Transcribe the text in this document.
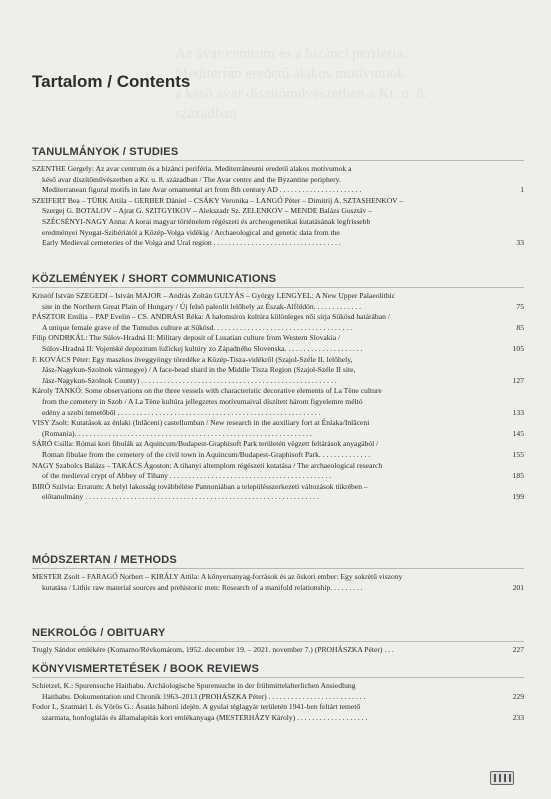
Az avar centrum és a bizánci periféria.
Mediterrán eredetű alakos motívumok
a késő avar díszítőművészetben a Kr. u. 8.
században
Tartalom / Contents
TANULMÁNYOK / STUDIES
SZENTHE Gergely: Az avar centrum és a bizánci periféria. Mediterráneumi eredetű alakos motívumok a
késő avar díszítőművészetben a Kr. u. 8. században / The Avar centre and the Byzantine periphery.
Mediterranean figural motifs in late Avar ornamental art from 8th century AD . . . . . . . . . . . . . . . . . . . . . .	1
SZEIFERT Bea – TÜRK Attila – GERBER Dániel – CSÁKY Veronika – LANGÓ Péter – Dimitrij A. SZTASHENKOV –
Szergej G. BOTALOV – Ajrat G. SZITGYIKOV – Alekszadr Sz. ZELENKOV – MENDE Balázs Gusztáv –
SZÉCSÉNYI-NAGY Anna: A korai magyar történelem régészeti és archeogenetikai kutatásának legfrissebb
eredményei Nyugat-Szibériától a Közép-Volga vidékig / Archaeological and genetic data from the
Early Medieval cemeteries of the Volga and Ural region . . . . . . . . . . . . . . . . . . . . . . . . . . . . . . . . . .	33
KÖZLEMÉNYEK / SHORT COMMUNICATIONS
Kristóf István SZEGEDI – István MAJOR – András Zoltán GULYÁS – György LENGYEL: A New Upper Palaeolithic
site in the Northern Great Plain of Hungary / Új felső paleolit lelőhely az Észak-Alföldön. . . . . . . . . . . . .	75
PÁSZTOR Emília – PAP Evelin – CS. ANDRÁSI Réka: A halomsíros kultúra különleges női sírja Sükösd határában /
A unique female grave of the Tumulus culture at Sükösd. . . . . . . . . . . . . . . . . . . . . . . . . . . . . . . . . . . . .	85
Filip ONDRKÁL: The Súlov-Hradná II: Military deposit of Lusatian culture from Western Slovakia /
Súlov-Hradná II: Vojenské depozitum lužickej kultúry zo Západného Slovenska. . . . . . . . . . . . . . . . . . . . .	105
F. KOVÁCS Péter: Egy maszkos üveggyöngy töredéke a Közép-Tisza-vidékről (Szajol-Széle II. lelőhely,
Jász-Nagykun-Szolnok vármegye) / A face-bead shard in the Middle Tisza Region (Szajol-Széle II site,
Jász-Nagykun-Szolnok County) . . . . . . . . . . . . . . . . . . . . . . . . . . . . . . . . . . . . . . . . . . . . . . . . . . . .	127
Károly TANKÓ: Some observations on the three vessels with characteristic decorative elements of La Tène culture
from the cemetery in Szob / A La Tène kultúra jellegzetes motívumaival díszített három figyelemre méltó
edény a szobi temetőből . . . . . . . . . . . . . . . . . . . . . . . . . . . . . . . . . . . . . . . . . . . . . . . . . . . . . .	133
VISY Zsolt: Kutatások az énlaki (Inlăceni) castellumban / New research in the auxiliary fort at Énlaka/Inlăceni
(Romania). . . . . . . . . . . . . . . . . . . . . . . . . . . . . . . . . . . . . . . . . . . . . . . . . . . . . . . . . . . . . . .	145
SÁRÓ Csilla: Római kori fibulák az Aquincum/Budapest-Graphisoft Park területén végzett feltárások anyagából /
Roman fibulae from the cemetery of the civil town in Aquincum/Budapest-Graphisoft Park. . . . . . . . . . . . . .	155
NAGY Szabolcs Balázs – TAKÁCS Ágoston: A tihanyi altemplom régészeti kutatása / The archaeological research
of the medieval crypt of Abbey of Tihany . . . . . . . . . . . . . . . . . . . . . . . . . . . . . . . . . . . . . . . . . . .	185
BIRÓ Szilvia: Erratum: A helyi lakosság továbbélése Pannoniában a településszerkezeti változások tükrében –
előtanulmány . . . . . . . . . . . . . . . . . . . . . . . . . . . . . . . . . . . . . . . . . . . . . . . . . . . . . . . . . . . . . .	199
MÓDSZERTAN / METHODS
MESTER Zsolt – FARAGÓ Norbert – KIRÁLY Attila: A kőnyersanyag-források és az őskori ember: Egy sokrétű viszony
kutatása / Lithic raw material sources and prehistoric men: Research of a manifold relationship. . . . . . . . .	201
NEKROLÓG / OBITUARY
Trugly Sándor emlékére (Komarno/Révkomárom, 1952. december 19. – 2021. november 7.) (PROHÁSZKA Péter) . . .	227
KÖNYVISMERTETÉSEK / BOOK REVIEWS
Schietzel, K.: Spurensuche Haithabu. Archäologische Spurensuche in der frühmittelalterlichen Ansiedlung
Haithabu. Dokumentation und Chronik 1963–2013 (PROHÁSZKA Péter) . . . . . . . . . . . . . . . . . . . . . . . . . .	229
Fodor I., Szatmári I. és Vörös G.: Ásatás háború idején. A gyulai téglagyár területén 1941-ben feltárt temető
szarmata, honfoglalás és államalapítás kori emlékanyaga (MESTERHÁZY Károly) . . . . . . . . . . . . . . . . . . .	233
